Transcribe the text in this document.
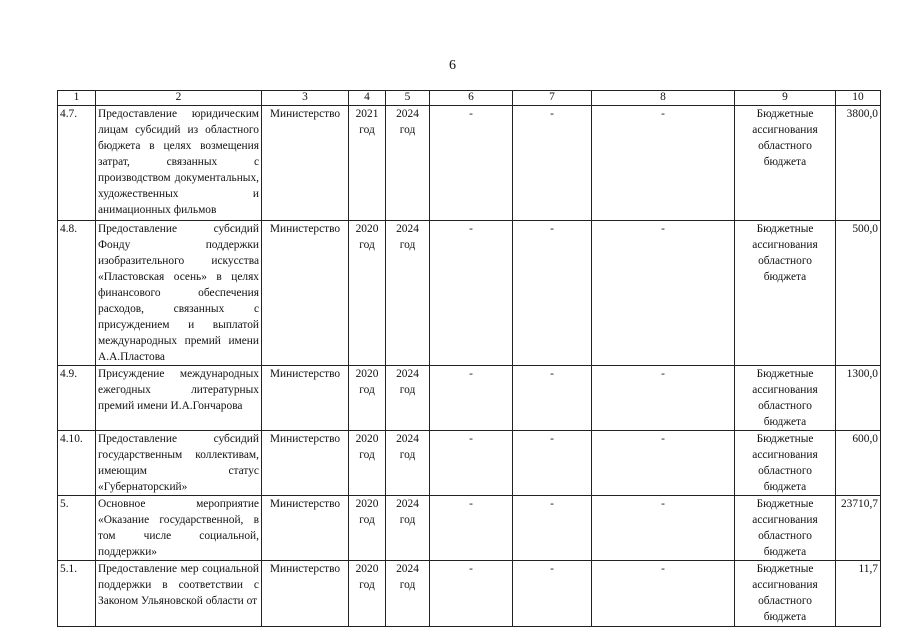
6
1	2	3	4	5	6	7	8	9	10
4.7.	Предоставление юридическим лицам субсидий из областного бюджета в целях возмещения затрат, связанных с производством документальных, художественных и анимационных фильмов	Министерство	2021 год	2024 год	-	-	-	Бюджетные ассигнования областного бюджета	3800,0
4.8.	Предоставление субсидий Фонду поддержки изобразительного искусства «Пластовская осень» в целях финансового обеспечения расходов, связанных с присуждением и выплатой международных премий имени А.А.Пластова	Министерство	2020 год	2024 год	-	-	-	Бюджетные ассигнования областного бюджета	500,0
4.9.	Присуждение международных ежегодных литературных премий имени И.А.Гончарова	Министерство	2020 год	2024 год	-	-	-	Бюджетные ассигнования областного бюджета	1300,0
4.10.	Предоставление субсидий государственным коллективам, имеющим статус «Губернаторский»	Министерство	2020 год	2024 год	-	-	-	Бюджетные ассигнования областного бюджета	600,0
5.	Основное мероприятие «Оказание государственной, в том числе социальной, поддержки»	Министерство	2020 год	2024 год	-	-	-	Бюджетные ассигнования областного бюджета	23710,7
5.1.	Предоставление мер социальной поддержки в соответствии с Законом Ульяновской области от	Министерство	2020 год	2024 год	-	-	-	Бюджетные ассигнования областного бюджета	11,7
